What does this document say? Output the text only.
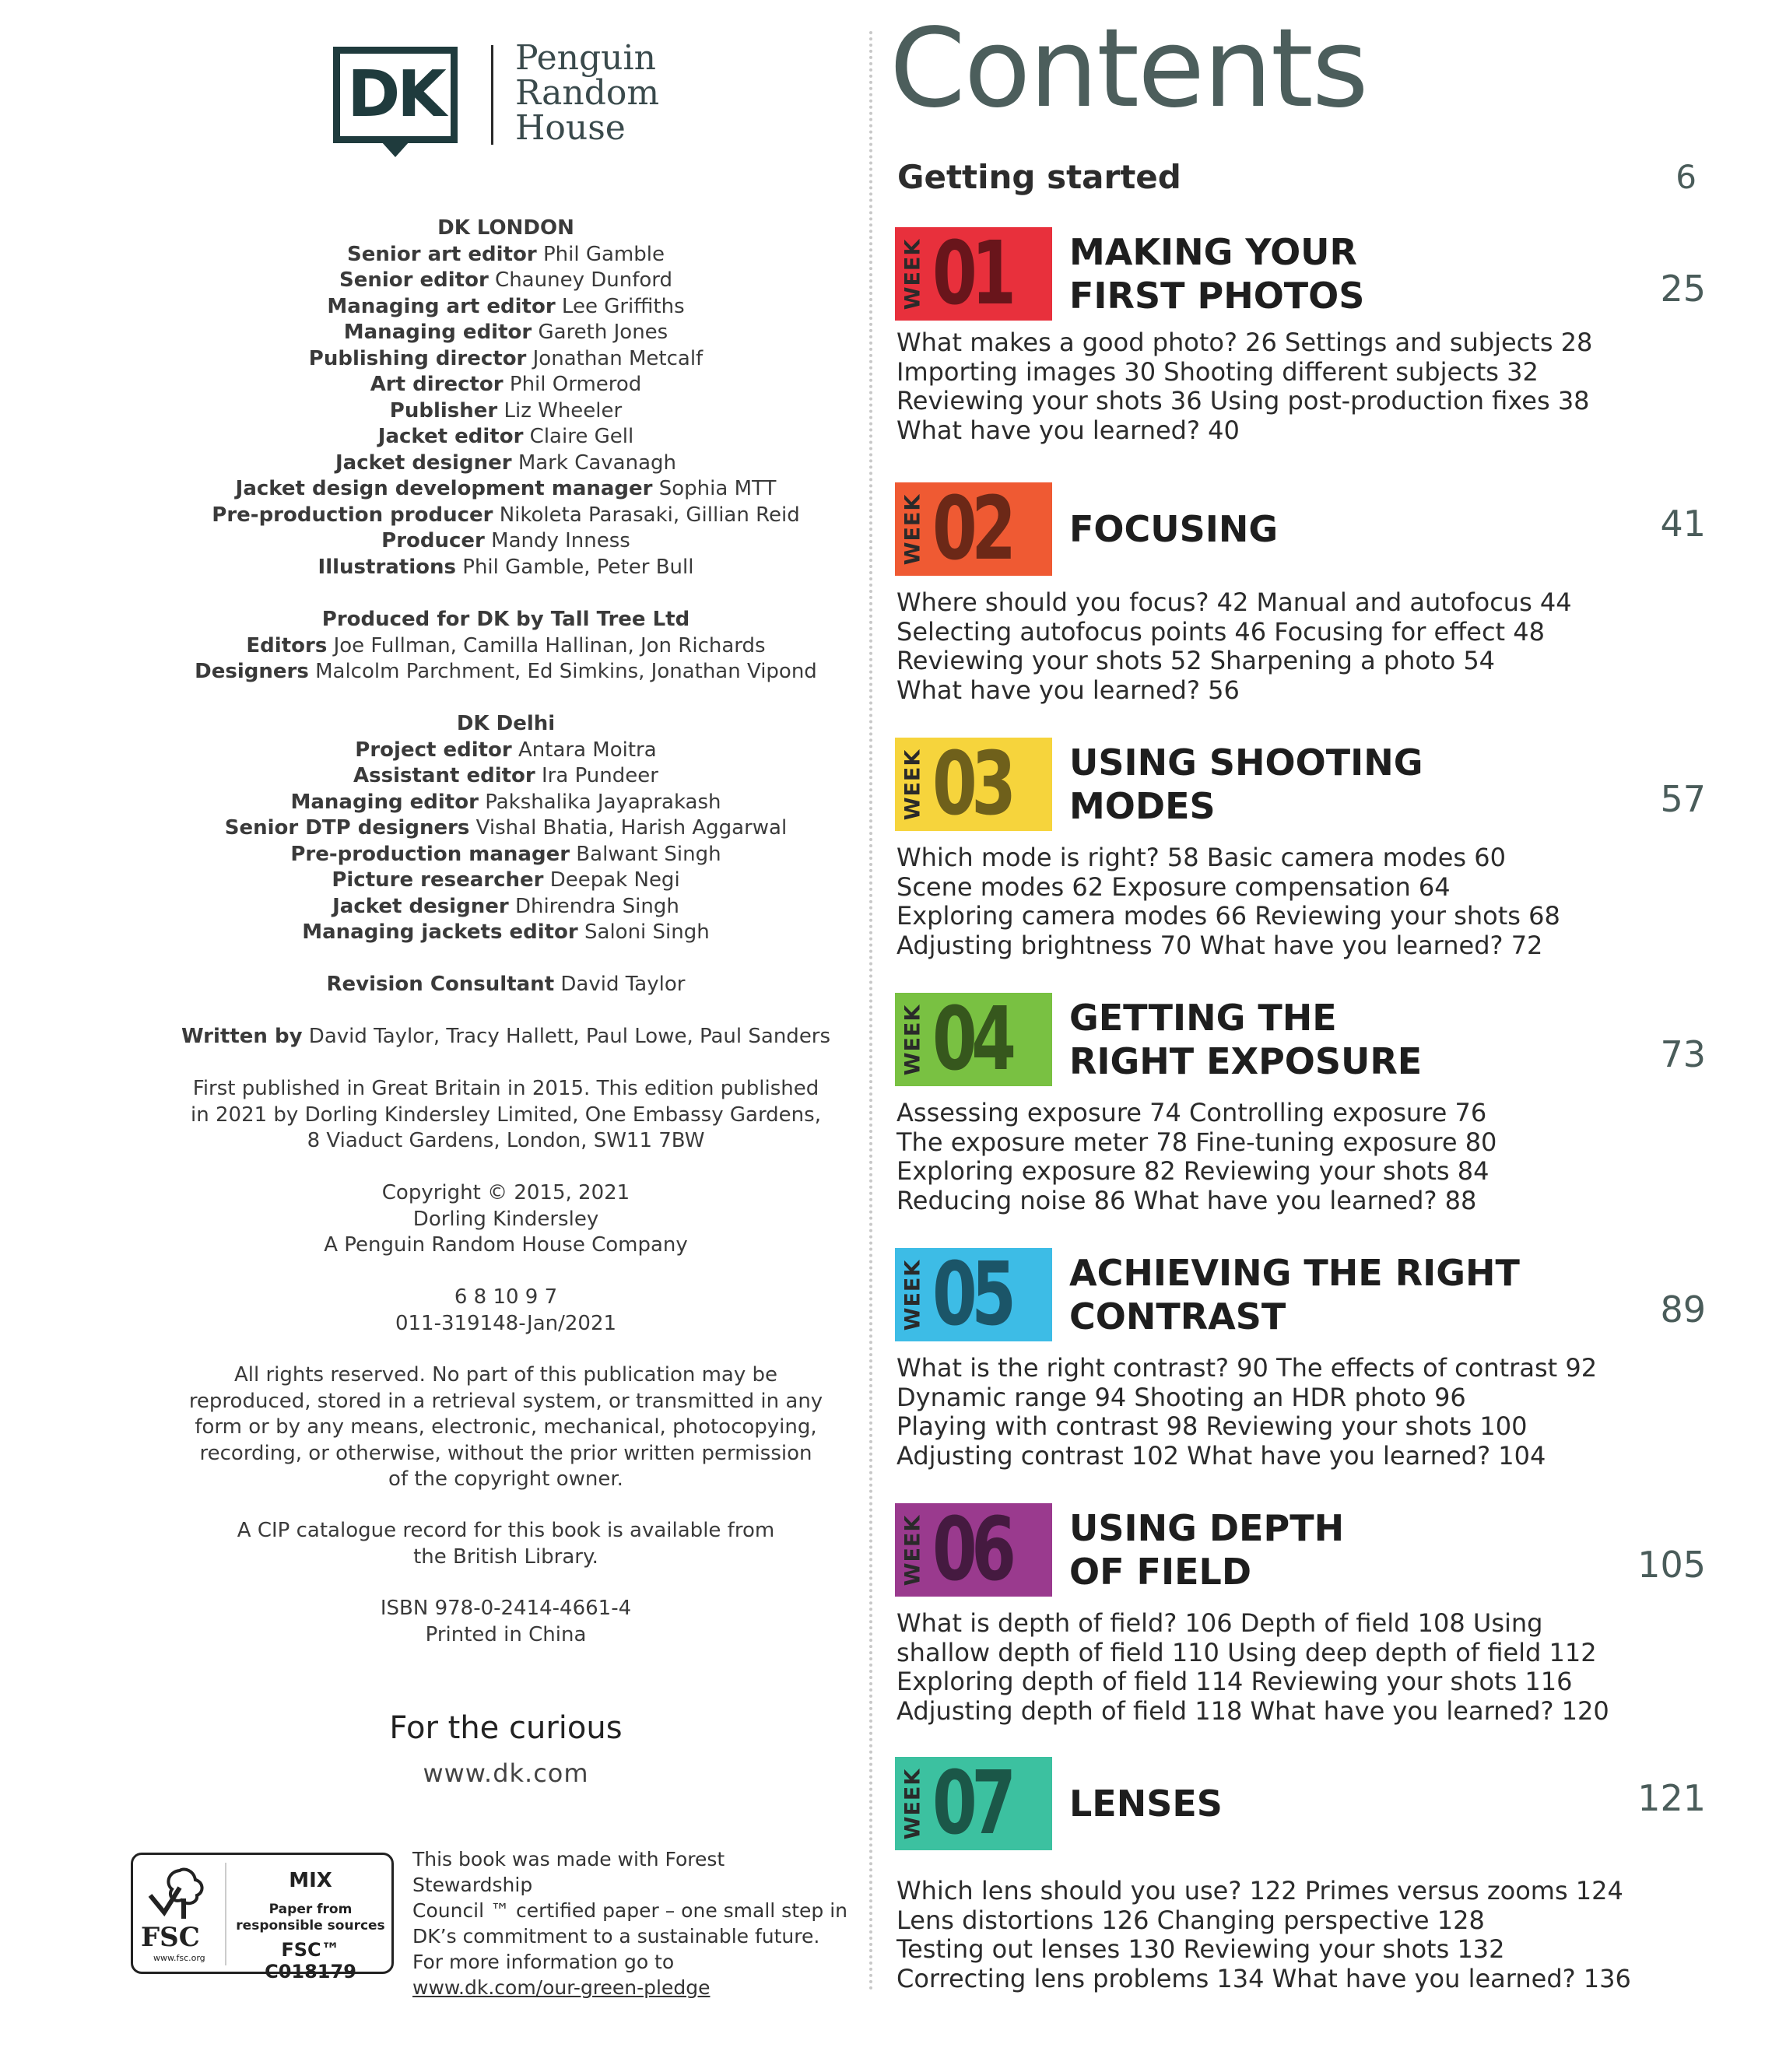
DK Penguin
Random
House
DK LONDON
Senior art editor Phil Gamble
Senior editor Chauney Dunford
Managing art editor Lee Griffiths
Managing editor Gareth Jones
Publishing director Jonathan Metcalf
Art director Phil Ormerod
Publisher Liz Wheeler
Jacket editor Claire Gell
Jacket designer Mark Cavanagh
Jacket design development manager Sophia MTT
Pre-production producer Nikoleta Parasaki, Gillian Reid
Producer Mandy Inness
Illustrations Phil Gamble, Peter Bull
Produced for DK by Tall Tree Ltd
Editors Joe Fullman, Camilla Hallinan, Jon Richards
Designers Malcolm Parchment, Ed Simkins, Jonathan Vipond
DK Delhi
Project editor Antara Moitra
Assistant editor Ira Pundeer
Managing editor Pakshalika Jayaprakash
Senior DTP designers Vishal Bhatia, Harish Aggarwal
Pre-production manager Balwant Singh
Picture researcher Deepak Negi
Jacket designer Dhirendra Singh
Managing jackets editor Saloni Singh
Revision Consultant David Taylor
Written by David Taylor, Tracy Hallett, Paul Lowe, Paul Sanders
First published in Great Britain in 2015. This edition published
in 2021 by Dorling Kindersley Limited, One Embassy Gardens,
8 Viaduct Gardens, London, SW11 7BW
Copyright © 2015, 2021
Dorling Kindersley
A Penguin Random House Company
6 8 10 9 7
011-319148-Jan/2021
All rights reserved. No part of this publication may be
reproduced, stored in a retrieval system, or transmitted in any
form or by any means, electronic, mechanical, photocopying,
recording, or otherwise, without the prior written permission
of the copyright owner.
A CIP catalogue record for this book is available from
the British Library.
ISBN 978-0-2414-4661-4
Printed in China
For the curious
www.dk.com
FSC
www.fsc.org
MIX
Paper from
responsible sources
FSC™ C018179
This book was made with Forest Stewardship
Council ™ certified paper – one small step in
DK’s commitment to a sustainable future.
For more information go to
www.dk.com/our-green-pledge
Contents
Getting started	6
WEEK 01 MAKING YOUR
FIRST PHOTOS	25
What makes a good photo? 26 Settings and subjects 28
Importing images 30 Shooting different subjects 32
Reviewing your shots 36 Using post-production fixes 38
What have you learned? 40
WEEK 02 FOCUSING	41
Where should you focus? 42 Manual and autofocus 44
Selecting autofocus points 46 Focusing for effect 48
Reviewing your shots 52 Sharpening a photo 54
What have you learned? 56
WEEK 03 USING SHOOTING
MODES	57
Which mode is right? 58 Basic camera modes 60
Scene modes 62 Exposure compensation 64
Exploring camera modes 66 Reviewing your shots 68
Adjusting brightness 70 What have you learned? 72
WEEK 04 GETTING THE
RIGHT EXPOSURE	73
Assessing exposure 74 Controlling exposure 76
The exposure meter 78 Fine-tuning exposure 80
Exploring exposure 82 Reviewing your shots 84
Reducing noise 86 What have you learned? 88
WEEK 05 ACHIEVING THE RIGHT
CONTRAST	89
What is the right contrast? 90 The effects of contrast 92
Dynamic range 94 Shooting an HDR photo 96
Playing with contrast 98 Reviewing your shots 100
Adjusting contrast 102 What have you learned? 104
WEEK 06 USING DEPTH
OF FIELD	105
What is depth of field? 106 Depth of field 108 Using
shallow depth of field 110 Using deep depth of field 112
Exploring depth of field 114 Reviewing your shots 116
Adjusting depth of field 118 What have you learned? 120
WEEK 07 LENSES	121
Which lens should you use? 122 Primes versus zooms 124
Lens distortions 126 Changing perspective 128
Testing out lenses 130 Reviewing your shots 132
Correcting lens problems 134 What have you learned? 136
